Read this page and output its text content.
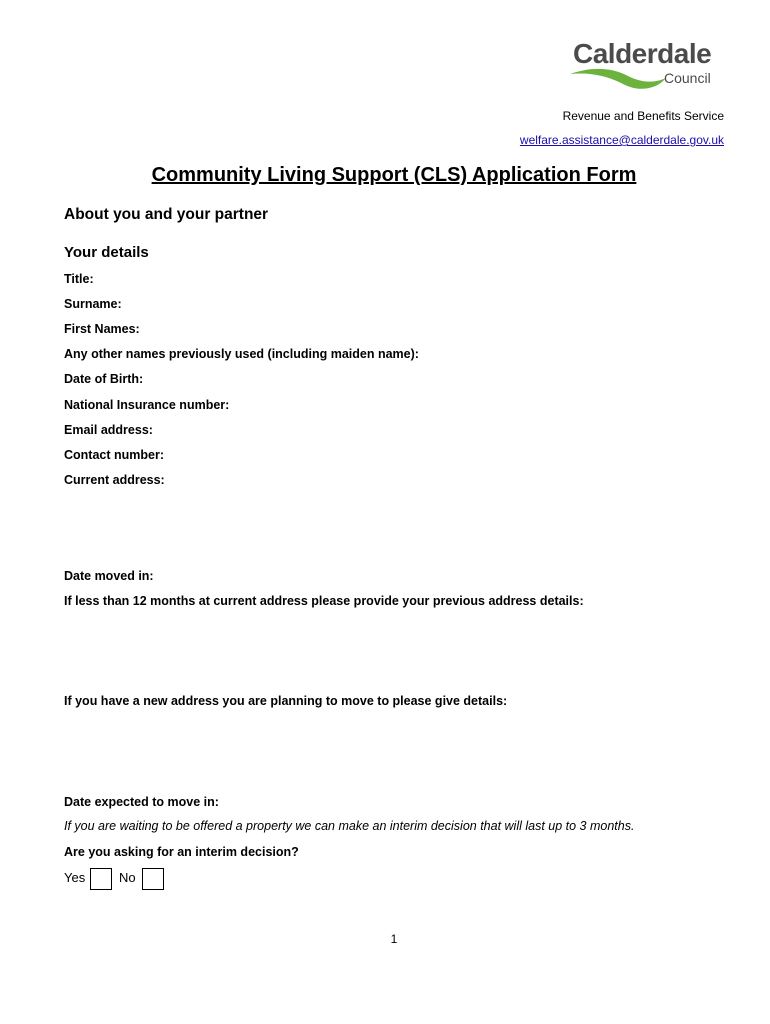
Calderdale
Council
Revenue and Benefits Service
welfare.assistance@calderdale.gov.uk
Community Living Support (CLS) Application Form
About you and your partner
Your details
Title:
Surname:
First Names:
Any other names previously used (including maiden name):
Date of Birth:
National Insurance number:
Email address:
Contact number:
Current address:
Date moved in:
If less than 12 months at current address please provide your previous address details:
If you have a new address you are planning to move to please give details:
Date expected to move in:
If you are waiting to be offered a property we can make an interim decision that will last up to 3 months.
Are you asking for an interim decision?
Yes	No
1
